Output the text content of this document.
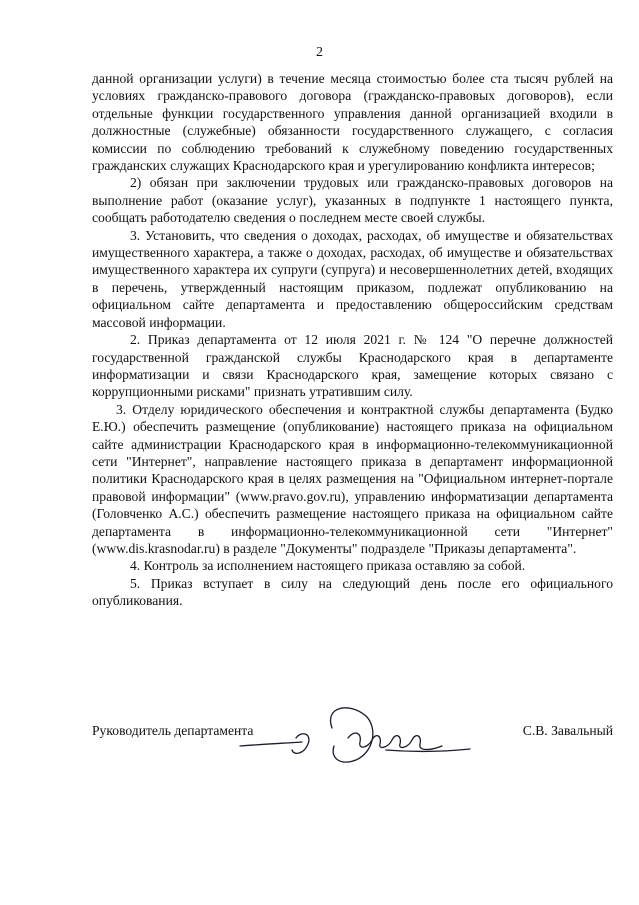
2

данной организации услуги) в течение месяца стоимостью более ста тысяч рублей на условиях гражданско-правового договора (гражданско-правовых договоров), если отдельные функции государственного управления данной организацией входили в должностные (служебные) обязанности государственного служащего, с согласия комиссии по соблюдению требований к служебному поведению государственных гражданских служащих Краснодарского края и урегулированию конфликта интересов;

2) обязан при заключении трудовых или гражданско-правовых договоров на выполнение работ (оказание услуг), указанных в подпункте 1 настоящего пункта, сообщать работодателю сведения о последнем месте своей службы.

3. Установить, что сведения о доходах, расходах, об имуществе и обязательствах имущественного характера, а также о доходах, расходах, об имуществе и обязательствах имущественного характера их супруги (супруга) и несовершеннолетних детей, входящих в перечень, утвержденный настоящим приказом, подлежат опубликованию на официальном сайте департамента и предоставлению общероссийским средствам массовой информации.

2. Приказ департамента от 12 июля 2021 г. № 124 "О перечне должностей государственной гражданской службы Краснодарского края в департаменте информатизации и связи Краснодарского края, замещение которых связано с коррупционными рисками" признать утратившим силу.

3. Отделу юридического обеспечения и контрактной службы департамента (Будко Е.Ю.) обеспечить размещение (опубликование) настоящего приказа на официальном сайте администрации Краснодарского края в информационно-телекоммуникационной сети "Интернет", направление настоящего приказа в департамент информационной политики Краснодарского края в целях размещения на "Официальном интернет-портале правовой информации" (www.pravo.gov.ru), управлению информатизации департамента (Головченко А.С.) обеспечить размещение настоящего приказа на официальном сайте департамента в информационно-телекоммуникационной сети "Интернет"(www.dis.krasnodar.ru) в разделе "Документы" подразделе "Приказы департамента".

4. Контроль за исполнением настоящего приказа оставляю за собой.

5. Приказ вступает в силу на следующий день после его официального опубликования.

Руководитель департамента	С.В. Завальный
